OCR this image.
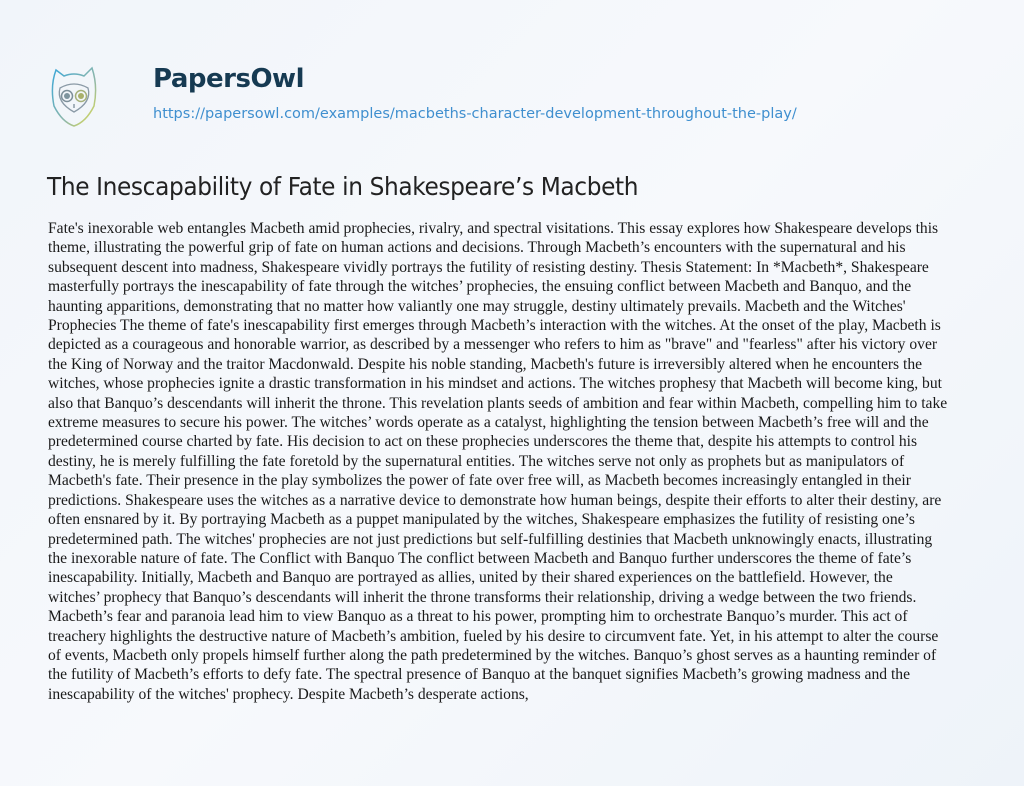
PapersOwl
https://papersowl.com/examples/macbeths-character-development-throughout-the-play/
The Inescapability of Fate in Shakespeare’s Macbeth
Fate's inexorable web entangles Macbeth amid prophecies, rivalry, and spectral visitations. This essay explores how Shakespeare develops this
theme, illustrating the powerful grip of fate on human actions and decisions. Through Macbeth’s encounters with the supernatural and his
subsequent descent into madness, Shakespeare vividly portrays the futility of resisting destiny. Thesis Statement: In *Macbeth*, Shakespeare
masterfully portrays the inescapability of fate through the witches’ prophecies, the ensuing conflict between Macbeth and Banquo, and the
haunting apparitions, demonstrating that no matter how valiantly one may struggle, destiny ultimately prevails. Macbeth and the Witches'
Prophecies The theme of fate's inescapability first emerges through Macbeth’s interaction with the witches. At the onset of the play, Macbeth is
depicted as a courageous and honorable warrior, as described by a messenger who refers to him as "brave" and "fearless" after his victory over
the King of Norway and the traitor Macdonwald. Despite his noble standing, Macbeth's future is irreversibly altered when he encounters the
witches, whose prophecies ignite a drastic transformation in his mindset and actions. The witches prophesy that Macbeth will become king, but
also that Banquo’s descendants will inherit the throne. This revelation plants seeds of ambition and fear within Macbeth, compelling him to take
extreme measures to secure his power. The witches’ words operate as a catalyst, highlighting the tension between Macbeth’s free will and the
predetermined course charted by fate. His decision to act on these prophecies underscores the theme that, despite his attempts to control his
destiny, he is merely fulfilling the fate foretold by the supernatural entities. The witches serve not only as prophets but as manipulators of
Macbeth's fate. Their presence in the play symbolizes the power of fate over free will, as Macbeth becomes increasingly entangled in their
predictions. Shakespeare uses the witches as a narrative device to demonstrate how human beings, despite their efforts to alter their destiny, are
often ensnared by it. By portraying Macbeth as a puppet manipulated by the witches, Shakespeare emphasizes the futility of resisting one’s
predetermined path. The witches' prophecies are not just predictions but self-fulfilling destinies that Macbeth unknowingly enacts, illustrating
the inexorable nature of fate. The Conflict with Banquo The conflict between Macbeth and Banquo further underscores the theme of fate’s
inescapability. Initially, Macbeth and Banquo are portrayed as allies, united by their shared experiences on the battlefield. However, the
witches’ prophecy that Banquo’s descendants will inherit the throne transforms their relationship, driving a wedge between the two friends.
Macbeth’s fear and paranoia lead him to view Banquo as a threat to his power, prompting him to orchestrate Banquo’s murder. This act of
treachery highlights the destructive nature of Macbeth’s ambition, fueled by his desire to circumvent fate. Yet, in his attempt to alter the course
of events, Macbeth only propels himself further along the path predetermined by the witches. Banquo’s ghost serves as a haunting reminder of
the futility of Macbeth’s efforts to defy fate. The spectral presence of Banquo at the banquet signifies Macbeth’s growing madness and the
inescapability of the witches' prophecy. Despite Macbeth’s desperate actions,
